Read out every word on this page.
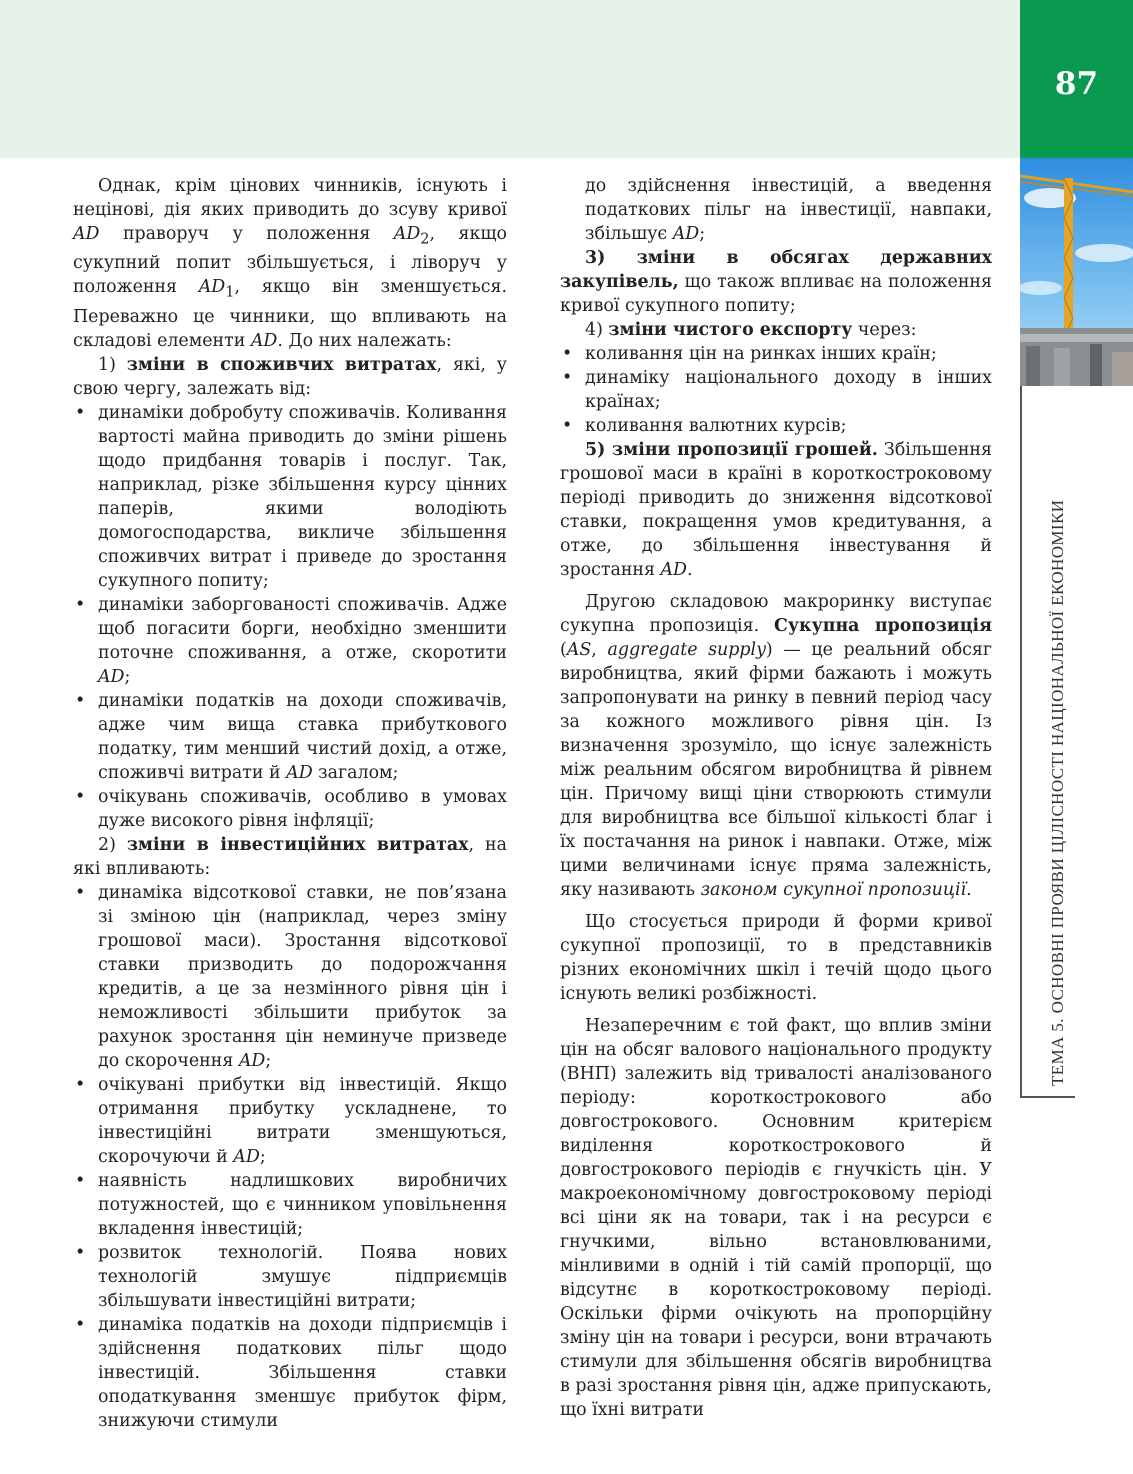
87
ТЕМА 5. ОСНОВНІ ПРОЯВИ ЦІЛІСНОСТІ НАЦІОНАЛЬНОЇ ЕКОНОМІКИ

Однак, крім цінових чинників, існують і нецінові, дія яких приводить до зсуву кривої AD праворуч у положення $AD_2$, якщо сукупний попит збільшується, і ліворуч у положення $AD_1$, якщо він зменшується. Переважно це чинники, що впливають на складові елементи AD. До них належать:

1) зміни в споживчих витратах, які, у свою чергу, залежать від:

• динаміки добробуту споживачів. Коливання вартості майна приводить до зміни рішень щодо придбання товарів і послуг. Так, наприклад, різке збільшення курсу цінних паперів, якими володіють домогосподарства, викличе збільшення споживчих витрат і приведе до зростання сукупного попиту;

• динаміки заборгованості споживачів. Адже щоб погасити борги, необхідно зменшити поточне споживання, а отже, скоротити AD;

• динаміки податків на доходи споживачів, адже чим вища ставка прибуткового податку, тим менший чистий дохід, а отже, споживчі витрати й AD загалом;

• очікувань споживачів, особливо в умовах дуже високого рівня інфляції;

2) зміни в інвестиційних витратах, на які впливають:

• динаміка відсоткової ставки, не пов’язана зі зміною цін (наприклад, через зміну грошової маси). Зростання відсоткової ставки призводить до подорожчання кредитів, а це за незмінного рівня цін і неможливості збільшити прибуток за рахунок зростання цін неминуче призведе до скорочення AD;

• очікувані прибутки від інвестицій. Якщо отримання прибутку ускладнене, то інвестиційні витрати зменшуються, скорочуючи й AD;

• наявність надлишкових виробничих потужностей, що є чинником уповільнення вкладення інвестицій;

• розвиток технологій. Поява нових технологій змушує підприємців збільшувати інвестиційні витрати;

• динаміка податків на доходи підприємців і здійснення податкових пільг щодо інвестицій. Збільшення ставки оподаткування зменшує прибуток фірм, знижуючи стимули

до здійснення інвестицій, а введення податкових пільг на інвестиції, навпаки, збільшує AD;

3) зміни в обсягах державних закупівель, що також впливає на положення кривої сукупного попиту;

4) зміни чистого експорту через:

• коливання цін на ринках інших країн;

• динаміку національного доходу в інших країнах;

• коливання валютних курсів;

5) зміни пропозиції грошей. Збільшення грошової маси в країні в короткостроковому періоді приводить до зниження відсоткової ставки, покращення умов кредитування, а отже, до збільшення інвестування й зростання AD.

Другою складовою макроринку виступає сукупна пропозиція. Сукупна пропозиція (AS, aggregate supply) — це реальний обсяг виробництва, який фірми бажають і можуть запропонувати на ринку в певний період часу за кожного можливого рівня цін. Із визначення зрозуміло, що існує залежність між реальним обсягом виробництва й рівнем цін. Причому вищі ціни створюють стимули для виробництва все більшої кількості благ і їх постачання на ринок і навпаки. Отже, між цими величинами існує пряма залежність, яку називають законом сукупної пропозиції.

Що стосується природи й форми кривої сукупної пропозиції, то в представників різних економічних шкіл і течій щодо цього існують великі розбіжності.

Незаперечним є той факт, що вплив зміни цін на обсяг валового національного продукту (ВНП) залежить від тривалості аналізованого періоду: короткострокового або довгострокового. Основним критерієм виділення короткострокового й довгострокового періодів є гнучкість цін. У макроекономічному довгостроковому періоді всі ціни як на товари, так і на ресурси є гнучкими, вільно встановлюваними, мінливими в одній і тій самій пропорції, що відсутнє в короткостроковому періоді. Оскільки фірми очікують на пропорційну зміну цін на товари і ресурси, вони втрачають стимули для збільшення обсягів виробництва в разі зростання рівня цін, адже припускають, що їхні витрати
